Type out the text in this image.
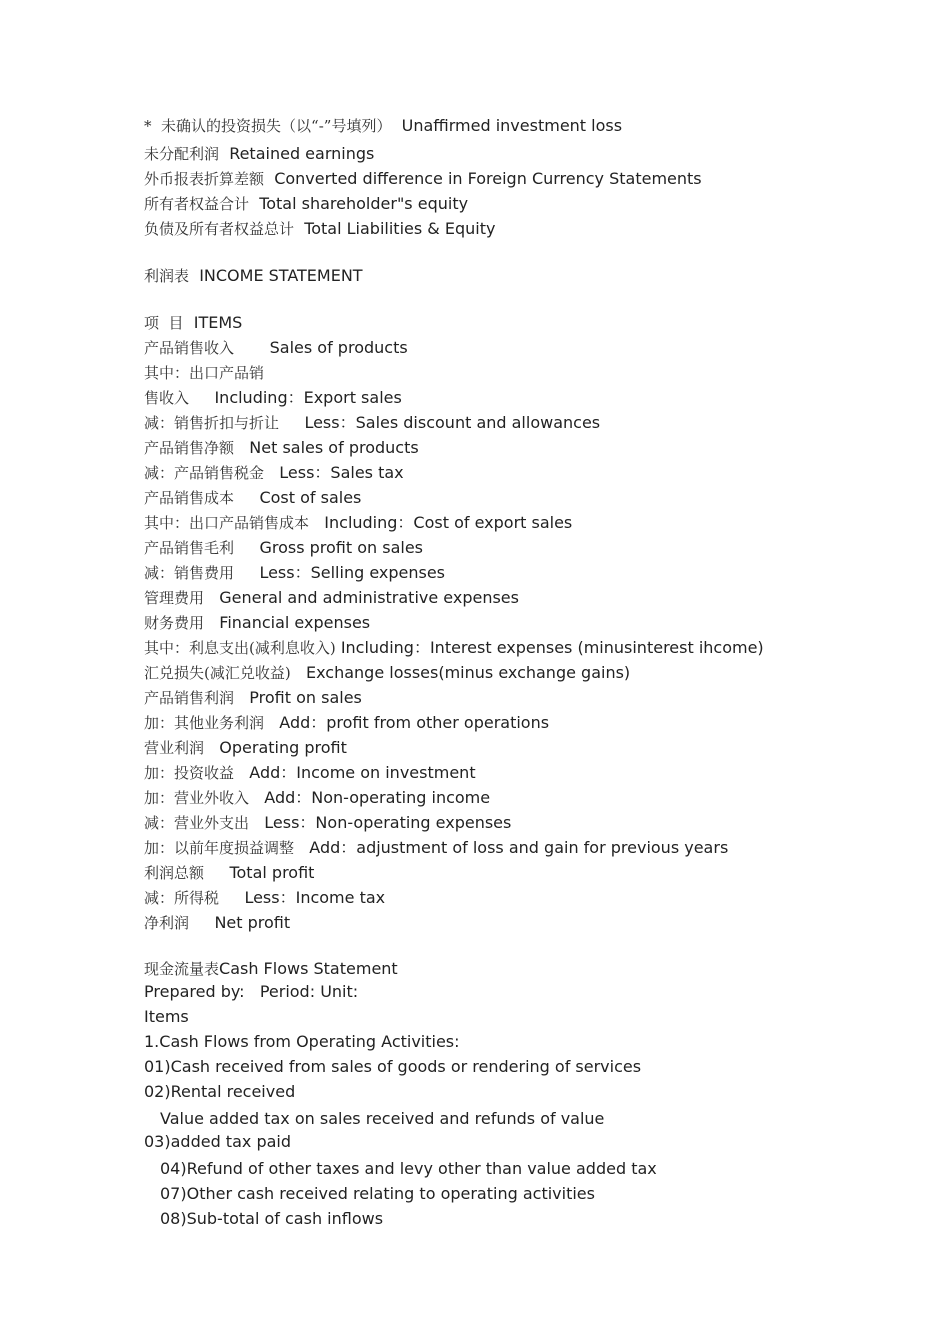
*  未确认的投资损失（以“-”号填列） Unaffirmed investment loss
未分配利润 Retained earnings
外币报表折算差额 Converted difference in Foreign Currency Statements
所有者权益合计 Total shareholder"s equity
负债及所有者权益总计 Total Liabilities & Equity
利润表 INCOME STATEMENT
项  目 ITEMS
产品销售收入 Sales of products
其中：出口产品销
售收入 Including：Export sales
减：销售折扣与折让 Less：Sales discount and allowances
产品销售净额 Net sales of products
减：产品销售税金 Less：Sales tax
产品销售成本 Cost of sales
其中：出口产品销售成本 Including：Cost of export sales
产品销售毛利 Gross profit on sales
减：销售费用 Less：Selling expenses
管理费用 General and administrative expenses
财务费用 Financial expenses
其中：利息支出(减利息收入) Including：Interest expenses (minusinterest ihcome)
汇兑损失(减汇兑收益) Exchange losses(minus exchange gains)
产品销售利润 Profit on sales
加：其他业务利润 Add：profit from other operations
营业利润 Operating profit
加：投资收益 Add：Income on investment
加：营业外收入 Add：Non-operating income
减：营业外支出 Less：Non-operating expenses
加：以前年度损益调整 Add：adjustment of loss and gain for previous years
利润总额 Total profit
减：所得税 Less：Income tax
净利润 Net profit
现金流量表Cash Flows Statement
Prepared by:   Period: Unit:
Items
1.Cash Flows from Operating Activities:
01)Cash received from sales of goods or rendering of services
02)Rental received
Value added tax on sales received and refunds of value
03)added tax paid
04)Refund of other taxes and levy other than value added tax
07)Other cash received relating to operating activities
08)Sub-total of cash inflows
